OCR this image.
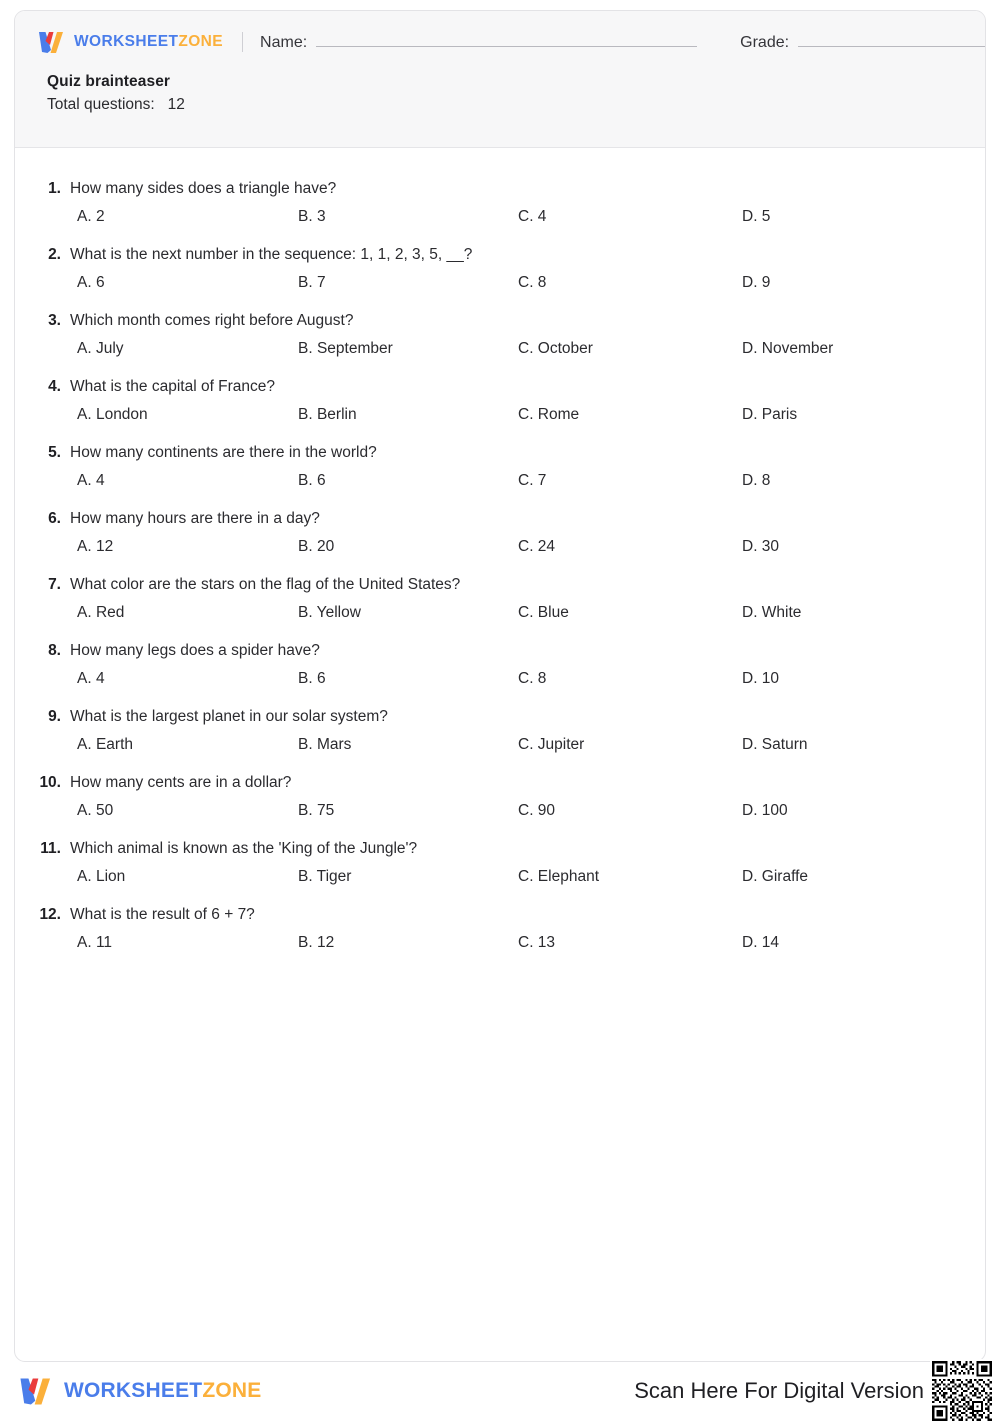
WORKSHEETZONE Name:	Grade:
Quiz brainteaser
Total questions: 12
1. How many sides does a triangle have?
A. 2	B. 3	C. 4	D. 5
2. What is the next number in the sequence: 1, 1, 2, 3, 5, __?
A. 6	B. 7	C. 8	D. 9
3. Which month comes right before August?
A. July	B. September	C. October	D. November
4. What is the capital of France?
A. London	B. Berlin	C. Rome	D. Paris
5. How many continents are there in the world?
A. 4	B. 6	C. 7	D. 8
6. How many hours are there in a day?
A. 12	B. 20	C. 24	D. 30
7. What color are the stars on the flag of the United States?
A. Red	B. Yellow	C. Blue	D. White
8. How many legs does a spider have?
A. 4	B. 6	C. 8	D. 10
9. What is the largest planet in our solar system?
A. Earth	B. Mars	C. Jupiter	D. Saturn
10. How many cents are in a dollar?
A. 50	B. 75	C. 90	D. 100
11. Which animal is known as the 'King of the Jungle'?
A. Lion	B. Tiger	C. Elephant	D. Giraffe
12. What is the result of 6 + 7?
A. 11	B. 12	C. 13	D. 14
WORKSHEETZONE	Scan Here For Digital Version
